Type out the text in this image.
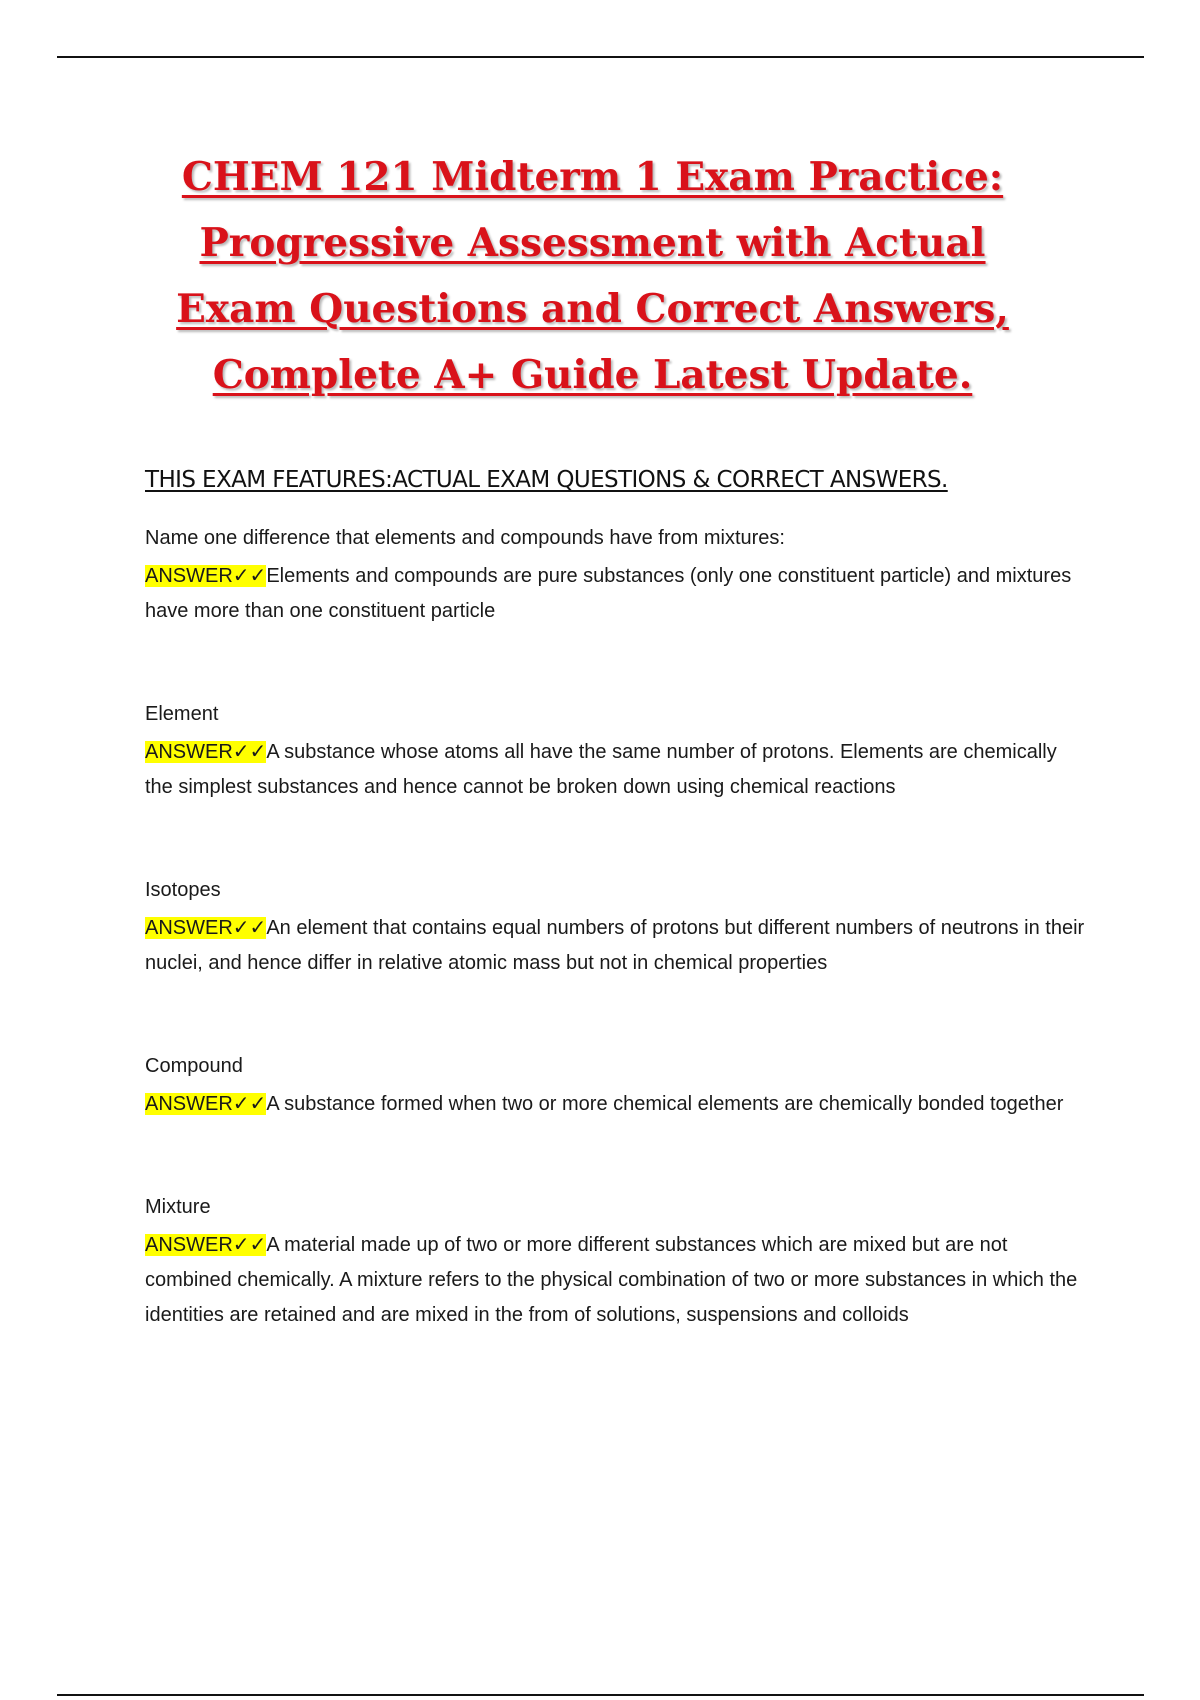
CHEM 121 Midterm 1 Exam Practice: Progressive Assessment with Actual Exam Questions and Correct Answers, Complete A+ Guide Latest Update.

THIS EXAM FEATURES:ACTUAL EXAM QUESTIONS & CORRECT ANSWERS.

Name one difference that elements and compounds have from mixtures:

ANSWER✓✓Elements and compounds are pure substances (only one constituent particle) and mixtures have more than one constituent particle

Element

ANSWER✓✓A substance whose atoms all have the same number of protons. Elements are chemically the simplest substances and hence cannot be broken down using chemical reactions

Isotopes

ANSWER✓✓An element that contains equal numbers of protons but different numbers of neutrons in their nuclei, and hence differ in relative atomic mass but not in chemical properties

Compound

ANSWER✓✓A substance formed when two or more chemical elements are chemically bonded together

Mixture

ANSWER✓✓A material made up of two or more different substances which are mixed but are not combined chemically. A mixture refers to the physical combination of two or more substances in which the identities are retained and are mixed in the from of solutions, suspensions and colloids
